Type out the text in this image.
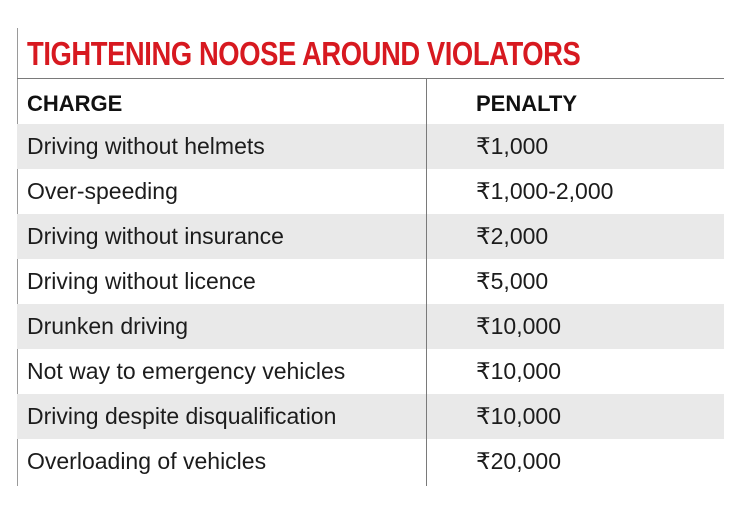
TIGHTENING NOOSE AROUND VIOLATORS
CHARGE	PENALTY
Driving without helmets	₹1,000
Over-speeding	₹1,000-2,000
Driving without insurance	₹2,000
Driving without licence	₹5,000
Drunken driving	₹10,000
Not way to emergency vehicles	₹10,000
Driving despite disqualification	₹10,000
Overloading of vehicles	₹20,000
